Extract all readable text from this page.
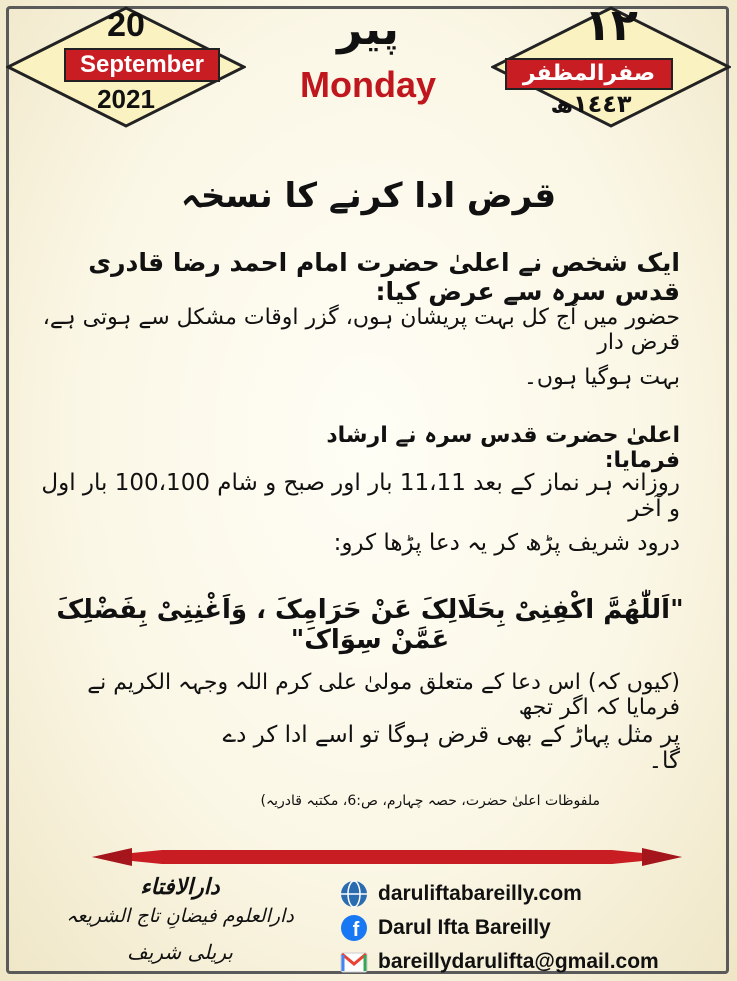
20
September
2021
پیر
Monday
١٢
صفرالمظفر
١٤٤٣ھ
قرض ادا کرنے کا نسخہ
ایک شخص نے اعلیٰ حضرت امام احمد رضا قادری قدس سرہ سے عرض کیا:
حضور میں آج کل بہت پریشان ہوں، گزر اوقات مشکل سے ہوتی ہے، قرض دار
بہت ہوگیا ہوں۔
اعلیٰ حضرت قدس سرہ نے ارشاد فرمایا:
روزانہ ہر نماز کے بعد 11،11 بار اور صبح و شام 100،100 بار اول و آخر
درود شریف پڑھ کر یہ دعا پڑھا کرو:
"اَللّٰھُمَّ اکْفِنِیْ بِحَلَالِکَ عَنْ حَرَامِکَ ، وَاَغْنِنِیْ بِفَضْلِکَ عَمَّنْ سِوَاکَ"
(کیوں کہ) اس دعا کے متعلق مولیٰ علی کرم اللہ وجہہ الکریم نے فرمایا کہ اگر تجھ
پر مثل پہاڑ کے بھی قرض ہوگا تو اسے ادا کر دے گا۔
ملفوظات اعلیٰ حضرت، حصہ چہارم، ص:6، مکتبہ قادریہ)
دارالافتاء
دارالعلوم فیضانِ تاج الشریعہ
بریلی شریف
daruliftabareilly.com
f Darul Ifta Bareilly
bareillydarulifta@gmail.com
